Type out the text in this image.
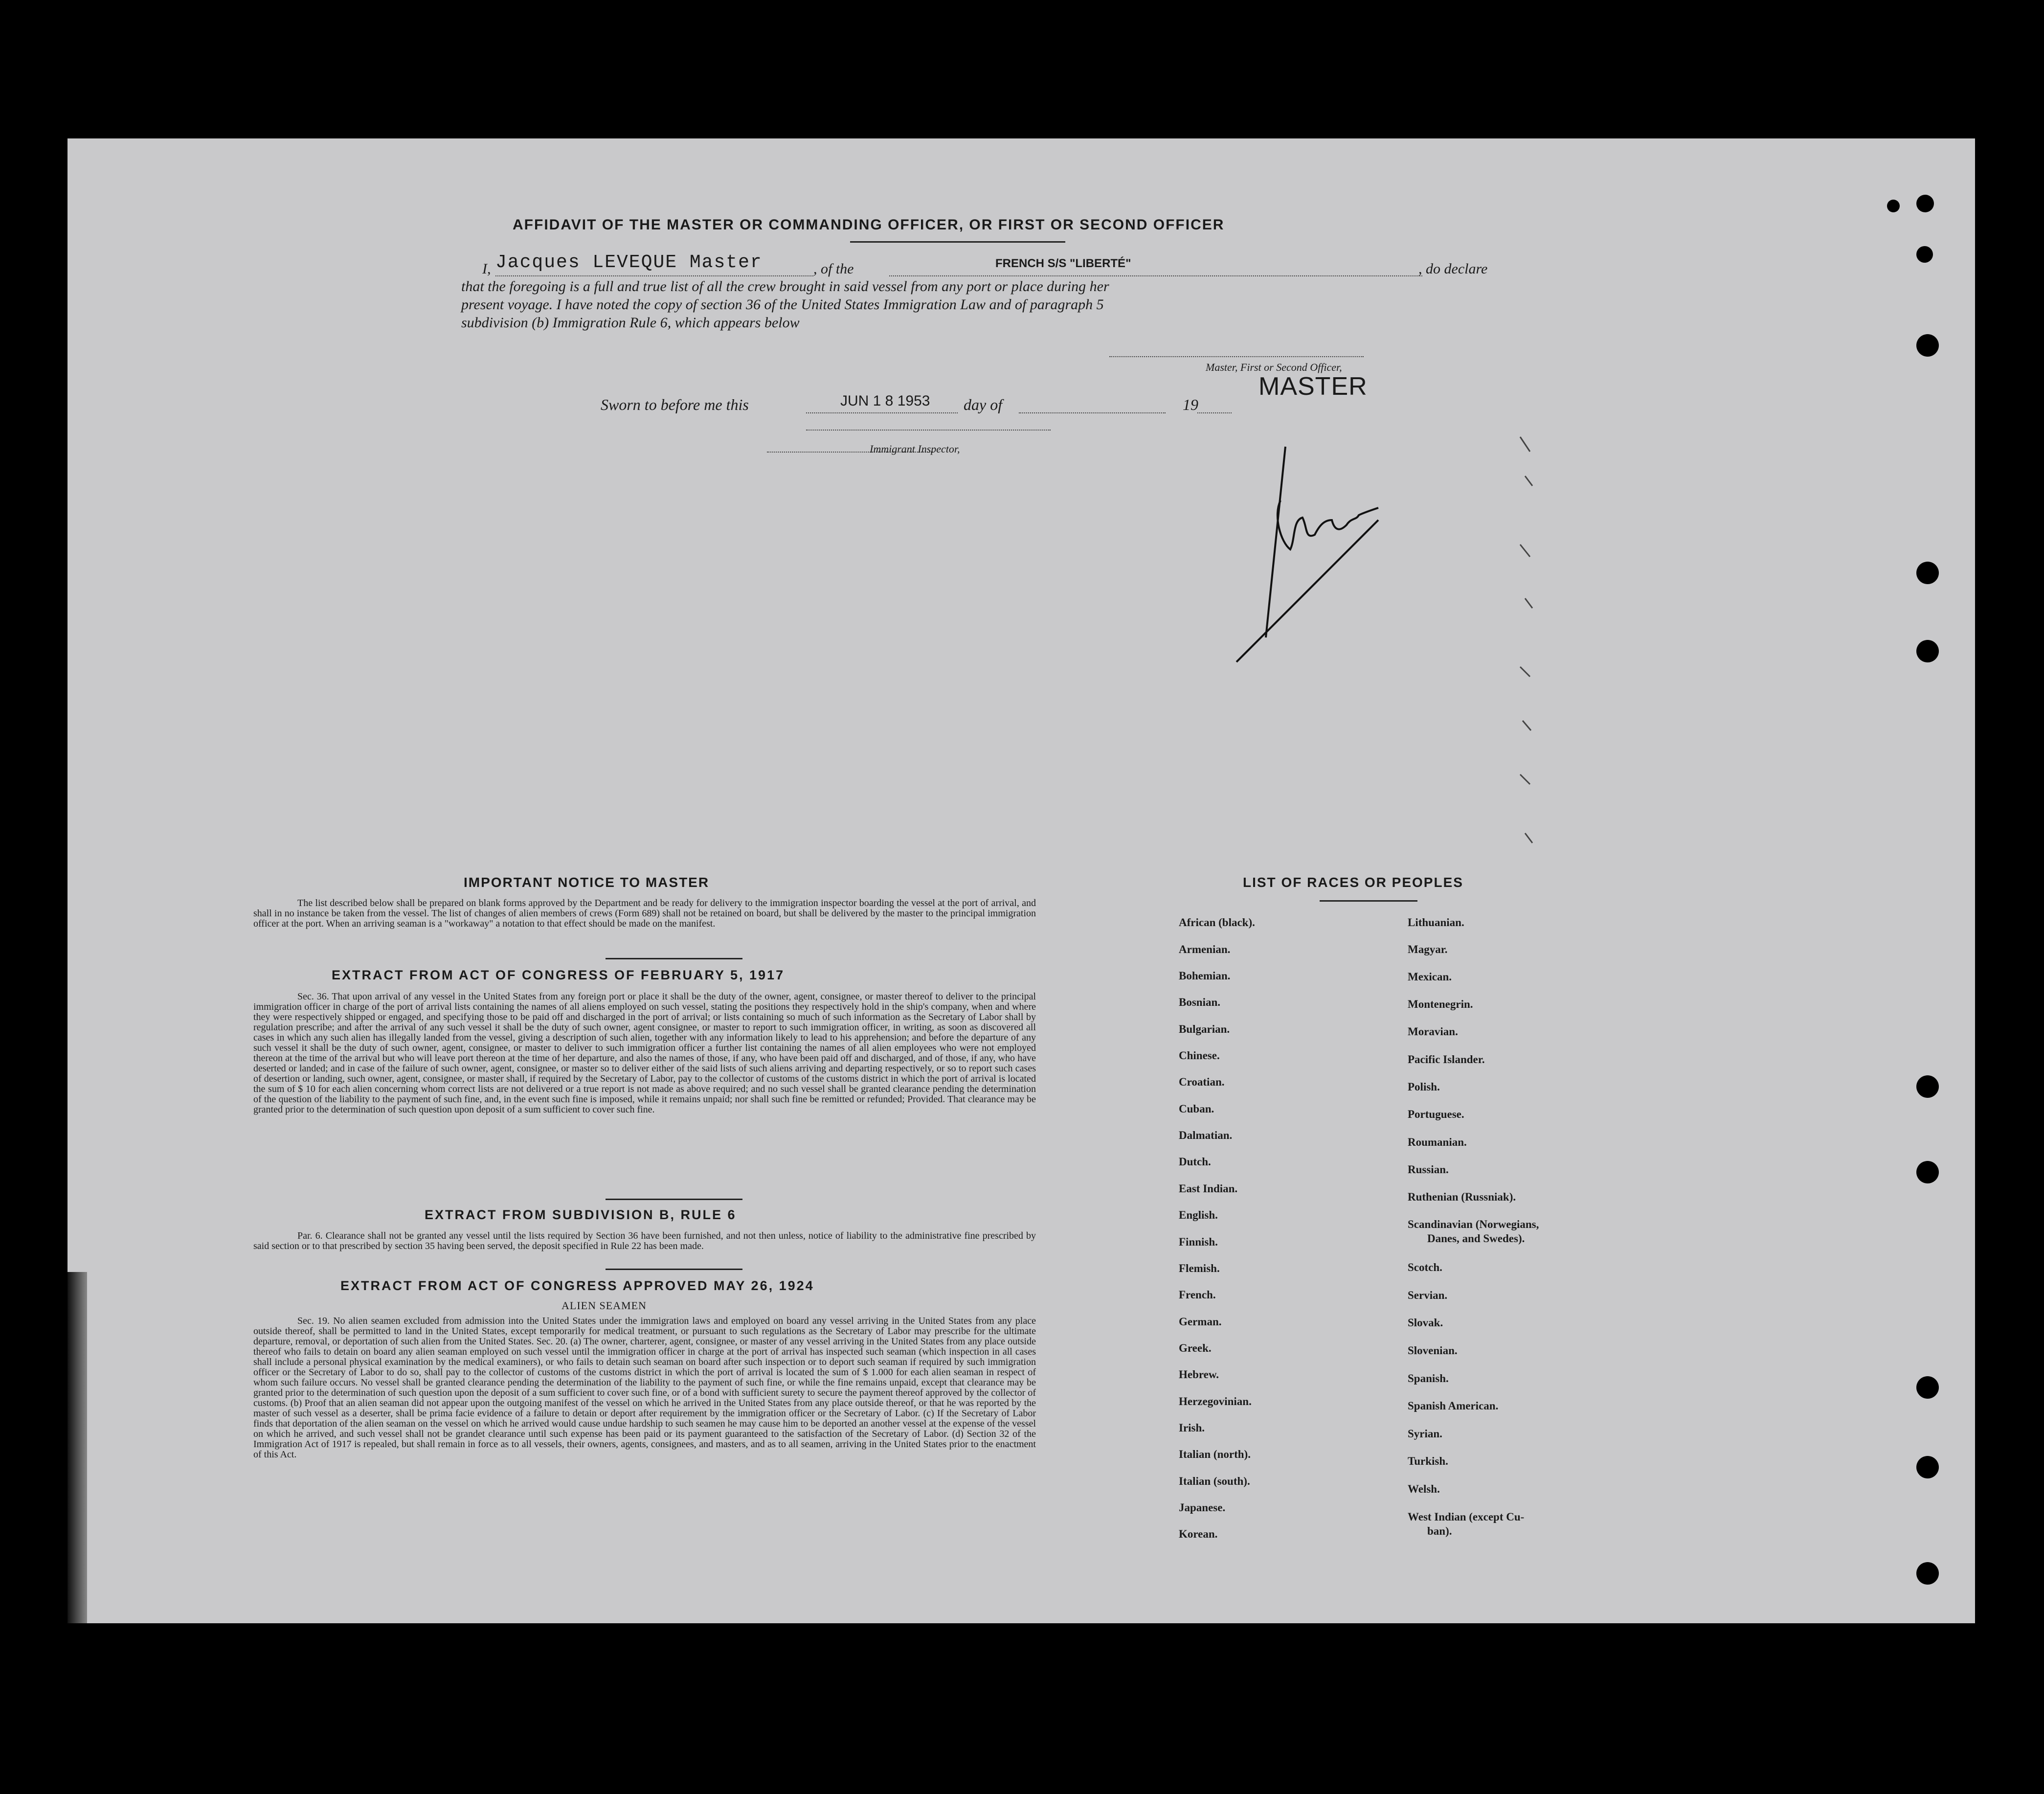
AFFIDAVIT OF THE MASTER OR COMMANDING OFFICER, OR FIRST OR SECOND OFFICER
I, Jacques LEVEQUE Master	, of the	FRENCH S/S "LIBERTÉ"	, do declare
that the foregoing is a full and true list of all the crew brought in said vessel from any port or place during her
present voyage. I have noted the copy of section 36 of the United States Immigration Law and of paragraph 5
subdivision (b) Immigration Rule 6, which appears below
Master, First or Second Officer,
MASTER
Sworn to before me this	JUN 1 8 1953 day of	19
Immigrant Inspector,
IMPORTANT NOTICE TO MASTER
The list described below shall be prepared on blank forms approved by the Department and be ready for delivery to the immigration inspector boarding the vessel at the port of arrival, and shall in no instance be taken from the vessel. The list of changes of alien members of crews (Form 689) shall not be retained on board, but shall be delivered by the master to the principal immigration officer at the port. When an arriving seaman is a "workaway" a notation to that effect should be made on the manifest.
EXTRACT FROM ACT OF CONGRESS OF FEBRUARY 5, 1917
Sec. 36. That upon arrival of any vessel in the United States from any foreign port or place it shall be the duty of the owner, agent, consignee, or master thereof to deliver to the principal immigration officer in charge of the port of arrival lists containing the names of all aliens employed on such vessel, stating the positions they respectively hold in the ship's company, when and where they were respectively shipped or engaged, and specifying those to be paid off and discharged in the port of arrival; or lists containing so much of such information as the Secretary of Labor shall by regulation prescribe; and after the arrival of any such vessel it shall be the duty of such owner, agent consignee, or master to report to such immigration officer, in writing, as soon as discovered all cases in which any such alien has illegally landed from the vessel, giving a description of such alien, together with any information likely to lead to his apprehension; and before the departure of any such vessel it shall be the duty of such owner, agent, consignee, or master to deliver to such immigration officer a further list containing the names of all alien employees who were not employed thereon at the time of the arrival but who will leave port thereon at the time of her departure, and also the names of those, if any, who have been paid off and discharged, and of those, if any, who have deserted or landed; and in case of the failure of such owner, agent, consignee, or master so to deliver either of the said lists of such aliens arriving and departing respectively, or so to report such cases of desertion or landing, such owner, agent, consignee, or master shall, if required by the Secretary of Labor, pay to the collector of customs of the customs district in which the port of arrival is located the sum of $ 10 for each alien concerning whom correct lists are not delivered or a true report is not made as above required; and no such vessel shall be granted clearance pending the determination of the question of the liability to the payment of such fine, and, in the event such fine is imposed, while it remains unpaid; nor shall such fine be remitted or refunded; Provided. That clearance may be granted prior to the determination of such question upon deposit of a sum sufficient to cover such fine.
EXTRACT FROM SUBDIVISION B, RULE 6
Par. 6. Clearance shall not be granted any vessel until the lists required by Section 36 have been furnished, and not then unless, notice of liability to the administrative fine prescribed by said section or to that prescribed by section 35 having been served, the deposit specified in Rule 22 has been made.
EXTRACT FROM ACT OF CONGRESS APPROVED MAY 26, 1924
ALIEN SEAMEN
Sec. 19. No alien seamen excluded from admission into the United States under the immigration laws and employed on board any vessel arriving in the United States from any place outside thereof, shall be permitted to land in the United States, except temporarily for medical treatment, or pursuant to such regulations as the Secretary of Labor may prescribe for the ultimate departure, removal, or deportation of such alien from the United States. Sec. 20. (a) The owner, charterer, agent, consignee, or master of any vessel arriving in the United States from any place outside thereof who fails to detain on board any alien seaman employed on such vessel until the immigration officer in charge at the port of arrival has inspected such seaman (which inspection in all cases shall include a personal physical examination by the medical examiners), or who fails to detain such seaman on board after such inspection or to deport such seaman if required by such immigration officer or the Secretary of Labor to do so, shall pay to the collector of customs of the customs district in which the port of arrival is located the sum of $ 1.000 for each alien seaman in respect of whom such failure occurs. No vessel shall be granted clearance pending the determination of the liability to the payment of such fine, or while the fine remains unpaid, except that clearance may be granted prior to the determination of such question upon the deposit of a sum sufficient to cover such fine, or of a bond with sufficient surety to secure the payment thereof approved by the collector of customs. (b) Proof that an alien seaman did not appear upon the outgoing manifest of the vessel on which he arrived in the United States from any place outside thereof, or that he was reported by the master of such vessel as a deserter, shall be prima facie evidence of a failure to detain or deport after requirement by the immigration officer or the Secretary of Labor. (c) If the Secretary of Labor finds that deportation of the alien seaman on the vessel on which he arrived would cause undue hardship to such seamen he may cause him to be deported an another vessel at the expense of the vessel on which he arrived, and such vessel shall not be grandet clearance until such expense has been paid or its payment guaranteed to the satisfaction of the Secretary of Labor. (d) Section 32 of the Immigration Act of 1917 is repealed, but shall remain in force as to all vessels, their owners, agents, consignees, and masters, and as to all seamen, arriving in the United States prior to the enactment of this Act.
LIST OF RACES OR PEOPLES
African (black).
Armenian.
Bohemian.
Bosnian.
Bulgarian.
Chinese.
Croatian.
Cuban.
Dalmatian.
Dutch.
East Indian.
English.
Finnish.
Flemish.
French.
German.
Greek.
Hebrew.
Herzegovinian.
Irish.
Italian (north).
Italian (south).
Japanese.
Korean.
Lithuanian.
Magyar.
Mexican.
Montenegrin.
Moravian.
Pacific Islander.
Polish.
Portuguese.
Roumanian.
Russian.
Ruthenian (Russniak).
Scandinavian (Norwegians,
Danes, and Swedes).
Scotch.
Servian.
Slovak.
Slovenian.
Spanish.
Spanish American.
Syrian.
Turkish.
Welsh.
West Indian (except Cu-
ban).
